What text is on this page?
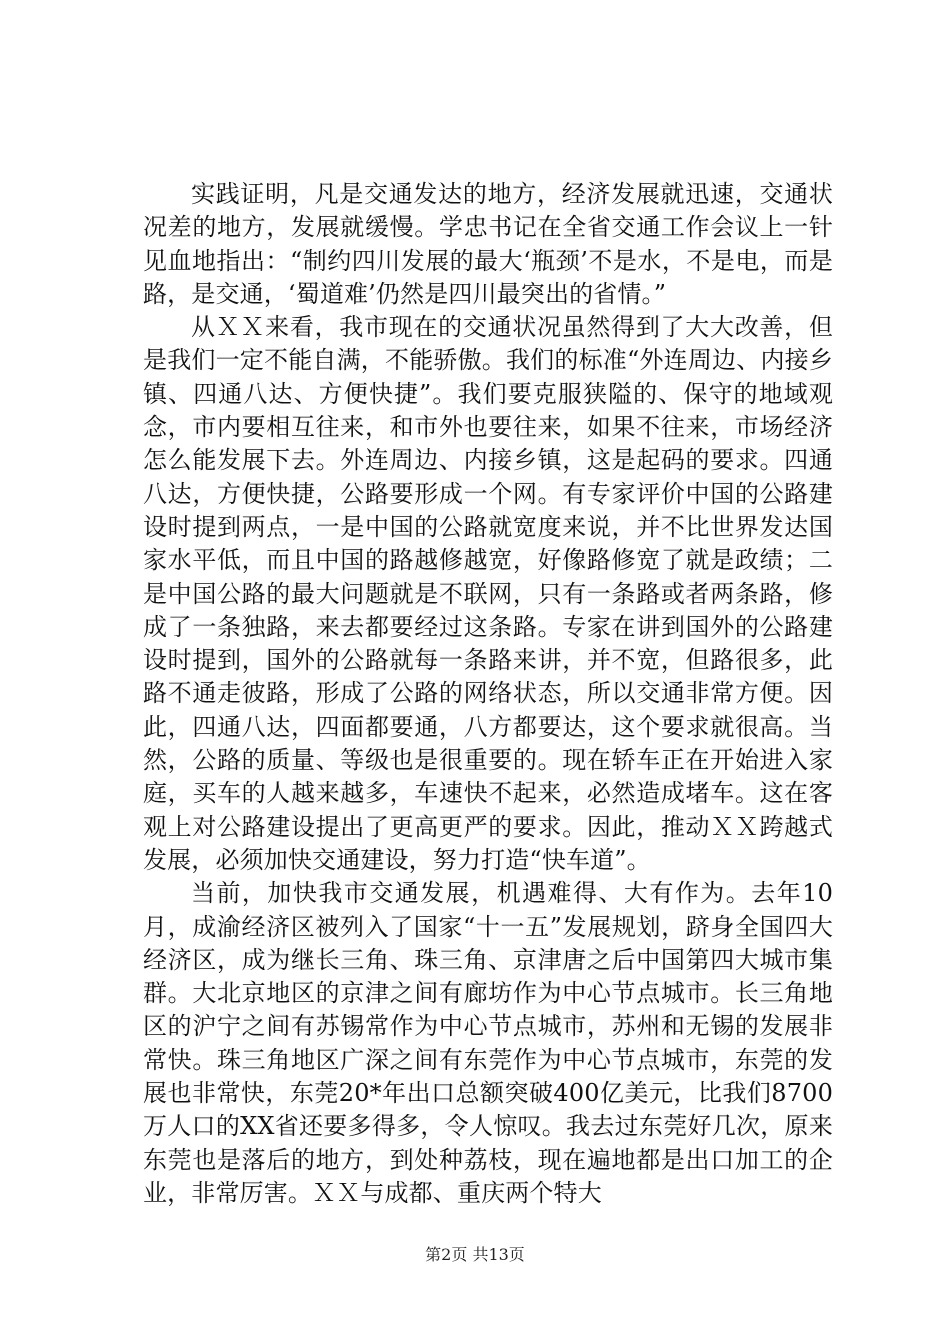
实践证明，凡是交通发达的地方，经济发展就迅速，交通状况差的地方，发展就缓慢。学忠书记在全省交通工作会议上一针见血地指出：“制约四川发展的最大‘瓶颈’不是水，不是电，而是路，是交通，‘蜀道难’仍然是四川最突出的省情。”

从ＸＸ来看，我市现在的交通状况虽然得到了大大改善，但是我们一定不能自满，不能骄傲。我们的标准“外连周边、内接乡镇、四通八达、方便快捷”。我们要克服狭隘的、保守的地域观念，市内要相互往来，和市外也要往来，如果不往来，市场经济怎么能发展下去。外连周边、内接乡镇，这是起码的要求。四通八达，方便快捷，公路要形成一个网。有专家评价中国的公路建设时提到两点，一是中国的公路就宽度来说，并不比世界发达国家水平低，而且中国的路越修越宽，好像路修宽了就是政绩；二是中国公路的最大问题就是不联网，只有一条路或者两条路，修成了一条独路，来去都要经过这条路。专家在讲到国外的公路建设时提到，国外的公路就每一条路来讲，并不宽，但路很多，此路不通走彼路，形成了公路的网络状态，所以交通非常方便。因此，四通八达，四面都要通，八方都要达，这个要求就很高。当然，公路的质量、等级也是很重要的。现在轿车正在开始进入家庭，买车的人越来越多，车速快不起来，必然造成堵车。这在客观上对公路建设提出了更高更严的要求。因此，推动ＸＸ跨越式发展，必须加快交通建设，努力打造“快车道”。

当前，加快我市交通发展，机遇难得、大有作为。去年10月，成渝经济区被列入了国家“十一五”发展规划，跻身全国四大经济区，成为继长三角、珠三角、京津唐之后中国第四大城市集群。大北京地区的京津之间有廊坊作为中心节点城市。长三角地区的沪宁之间有苏锡常作为中心节点城市，苏州和无锡的发展非常快。珠三角地区广深之间有东莞作为中心节点城市，东莞的发展也非常快，东莞20*年出口总额突破400亿美元，比我们8700万人口的XX省还要多得多，令人惊叹。我去过东莞好几次，原来东莞也是落后的地方，到处种荔枝，现在遍地都是出口加工的企业，非常厉害。ＸＸ与成都、重庆两个特大

第2页 共13页
